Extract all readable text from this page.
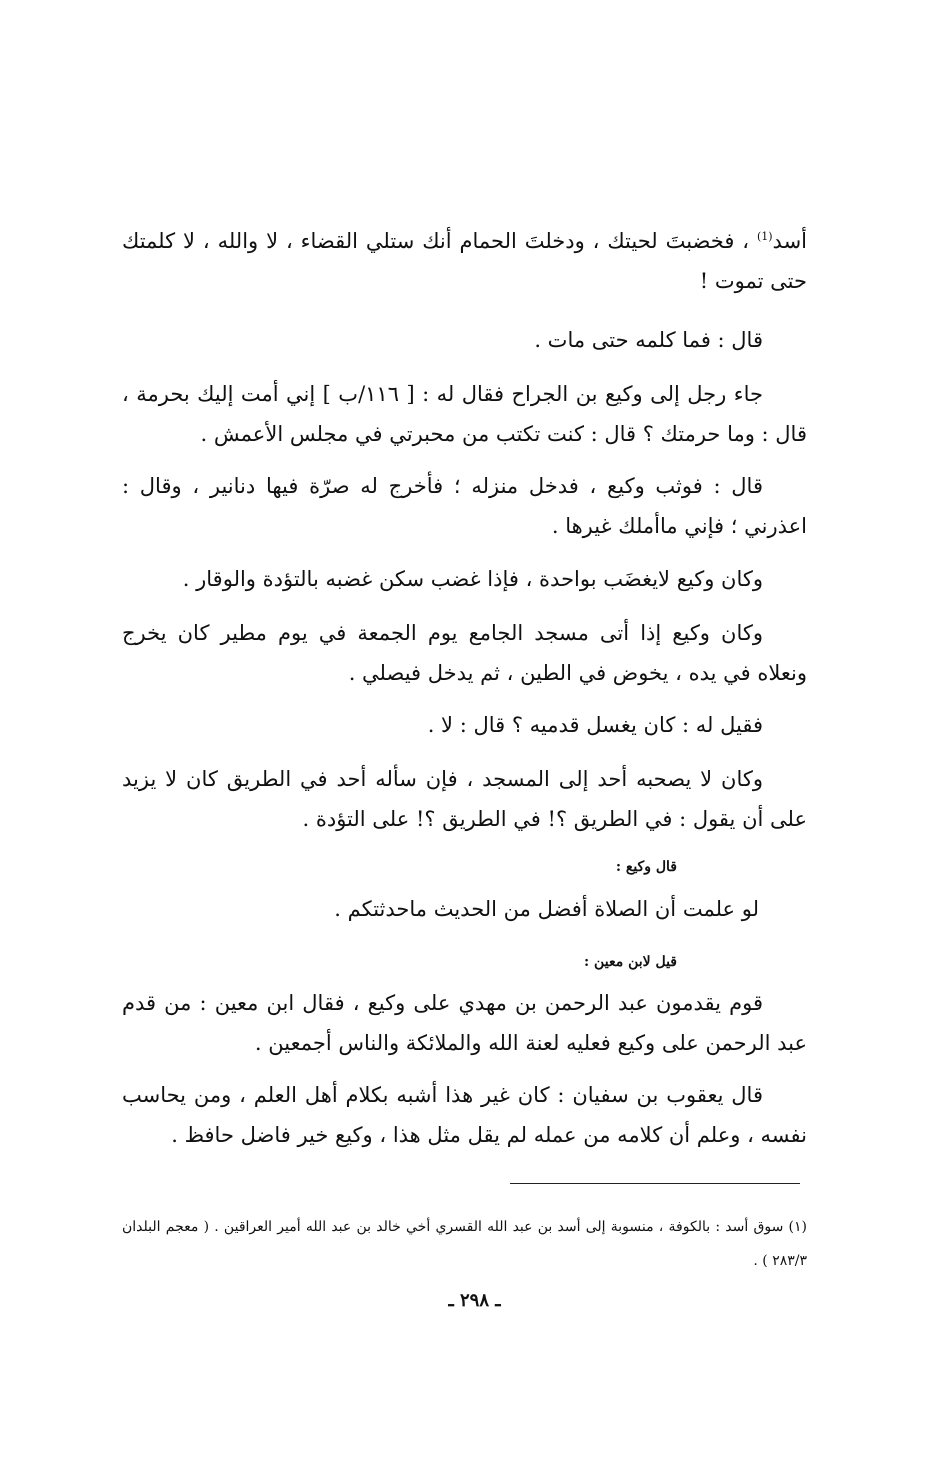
أسد$^{(1)}$ ، فخضبتَ لحيتك ، ودخلتَ الحمام أنك ستلي القضاء ، لا والله ، لا كلمتك حتى تموت !

قال : فما كلمه حتى مات .

جاء رجل إلى وكيع بن الجراح فقال له : [ ١١٦/ب ] إني أمت إليك بحرمة ، قال : وما حرمتك ؟ قال : كنت تكتب من محبرتي في مجلس الأعمش .

قال : فوثب وكيع ، فدخل منزله ؛ فأخرج له صرّة فيها دنانير ، وقال : اعذرني ؛ فإني ماأملك غيرها .

وكان وكيع لايغضَب بواحدة ، فإذا غضب سكن غضبه بالتؤدة والوقار .

وكان وكيع إذا أتى مسجد الجامع يوم الجمعة في يوم مطير كان يخرج ونعلاه في يده ، يخوض في الطين ، ثم يدخل فيصلي .

فقيل له : كان يغسل قدميه ؟ قال : لا .

وكان لا يصحبه أحد إلى المسجد ، فإن سأله أحد في الطريق كان لا يزيد على أن يقول : في الطريق ؟! في الطريق ؟! على التؤدة .

قال وكيع :

لو علمت أن الصلاة أفضل من الحديث ماحدثتكم .

قيل لابن معين :

قوم يقدمون عبد الرحمن بن مهدي على وكيع ، فقال ابن معين : من قدم عبد الرحمن على وكيع فعليه لعنة الله والملائكة والناس أجمعين .

قال يعقوب بن سفيان : كان غير هذا أشبه بكلام أهل العلم ، ومن يحاسب نفسه ، وعلم أن كلامه من عمله لم يقل مثل هذا ، وكيع خير فاضل حافظ .

(١) سوق أسد : بالكوفة ، منسوبة إلى أسد بن عبد الله القسري أخي خالد بن عبد الله أمير العراقين . ( معجم البلدان ٢٨٣/٣ ) .
ـ ٢٩٨ ـ
